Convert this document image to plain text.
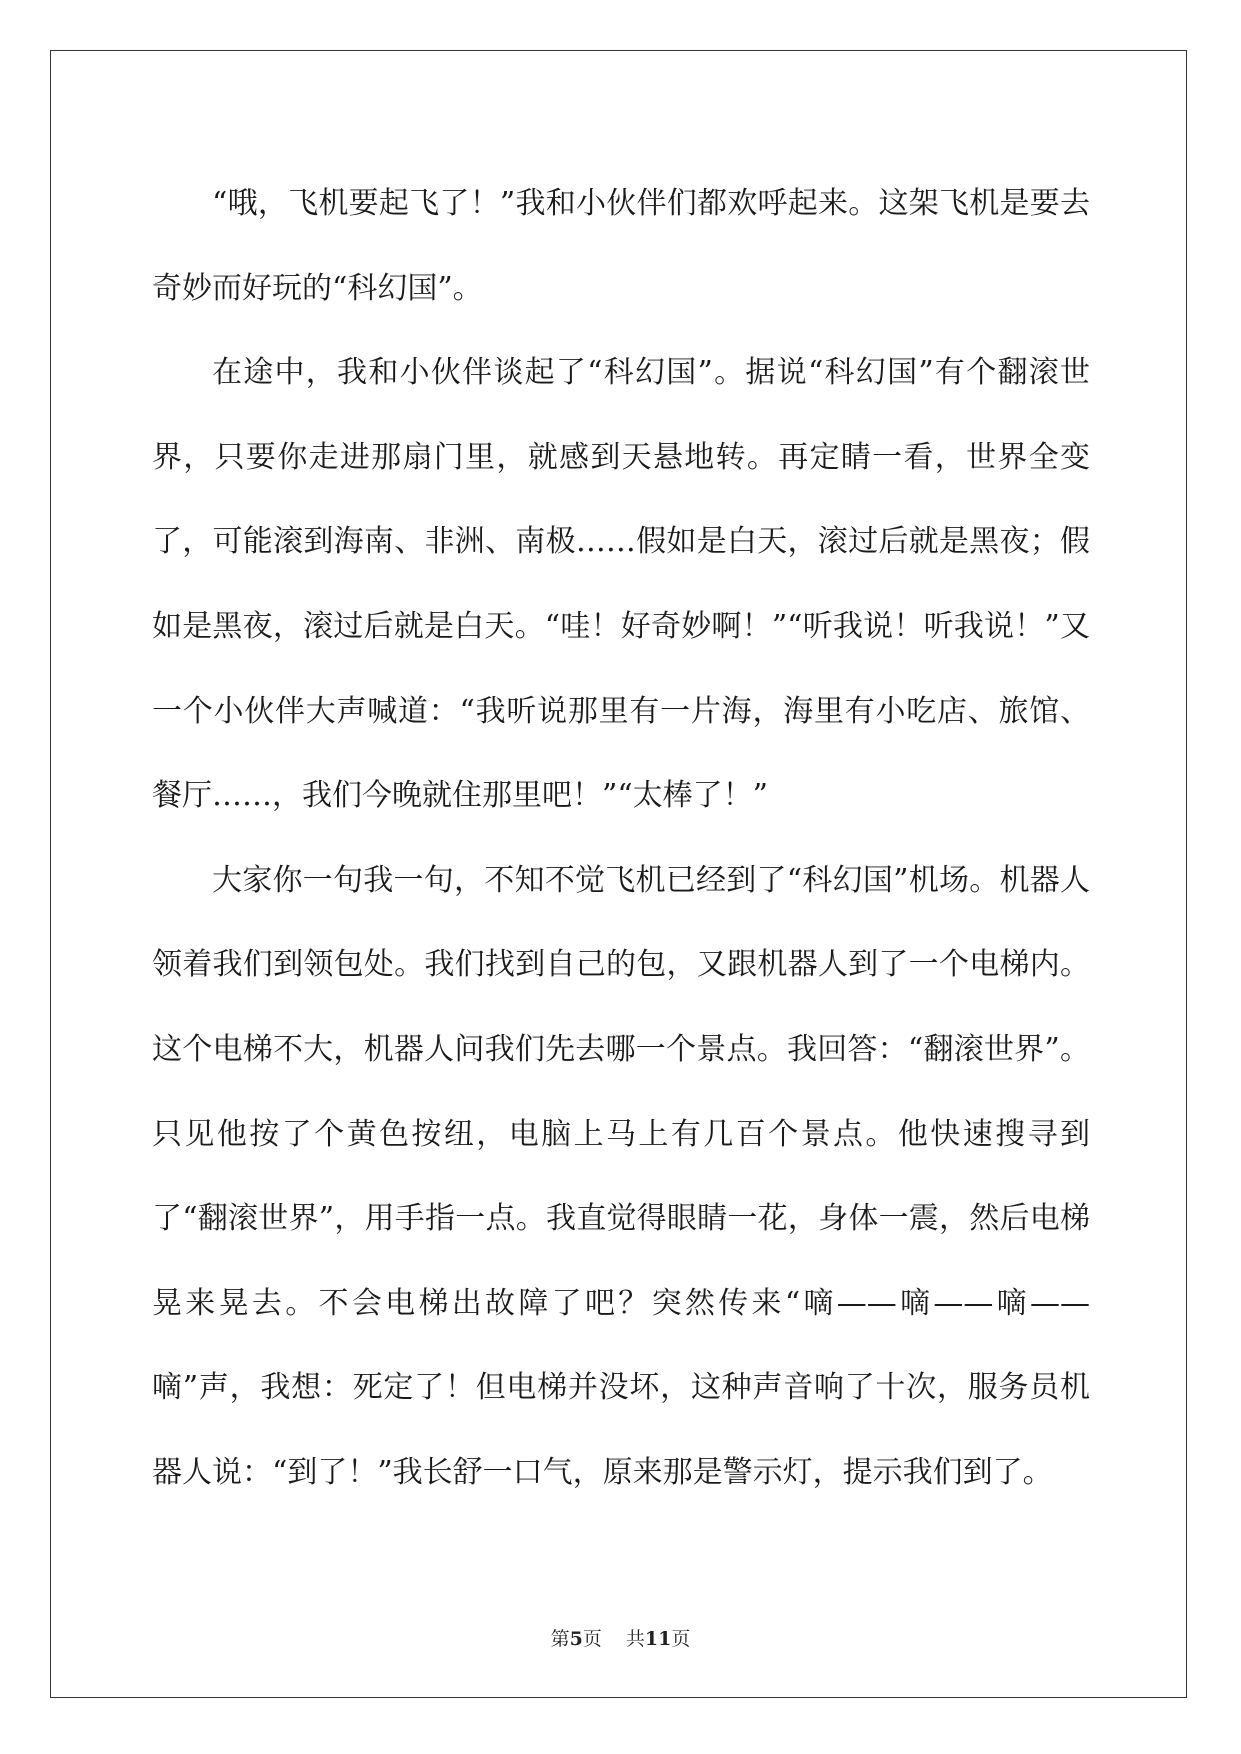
“哦，飞机要起飞了！”我和小伙伴们都欢呼起来。这架飞机是要去奇妙而好玩的“科幻国”。

在途中，我和小伙伴谈起了“科幻国”。据说“科幻国”有个翻滚世界，只要你走进那扇门里，就感到天悬地转。再定睛一看，世界全变了，可能滚到海南、非洲、南极……假如是白天，滚过后就是黑夜；假如是黑夜，滚过后就是白天。“哇！好奇妙啊！”“听我说！听我说！”又一个小伙伴大声喊道：“我听说那里有一片海，海里有小吃店、旅馆、餐厅……，我们今晚就住那里吧！”“太棒了！”

大家你一句我一句，不知不觉飞机已经到了“科幻国”机场。机器人领着我们到领包处。我们找到自己的包，又跟机器人到了一个电梯内。这个电梯不大，机器人问我们先去哪一个景点。我回答：“翻滚世界”。只见他按了个黄色按纽，电脑上马上有几百个景点。他快速搜寻到了“翻滚世界”，用手指一点。我直觉得眼睛一花，身体一震，然后电梯晃来晃去。不会电梯出故障了吧？突然传来“嘀——嘀——嘀——嘀”声，我想：死定了！但电梯并没坏，这种声音响了十次，服务员机器人说：“到了！”我长舒一口气，原来那是警示灯，提示我们到了。

第5页 共11页
